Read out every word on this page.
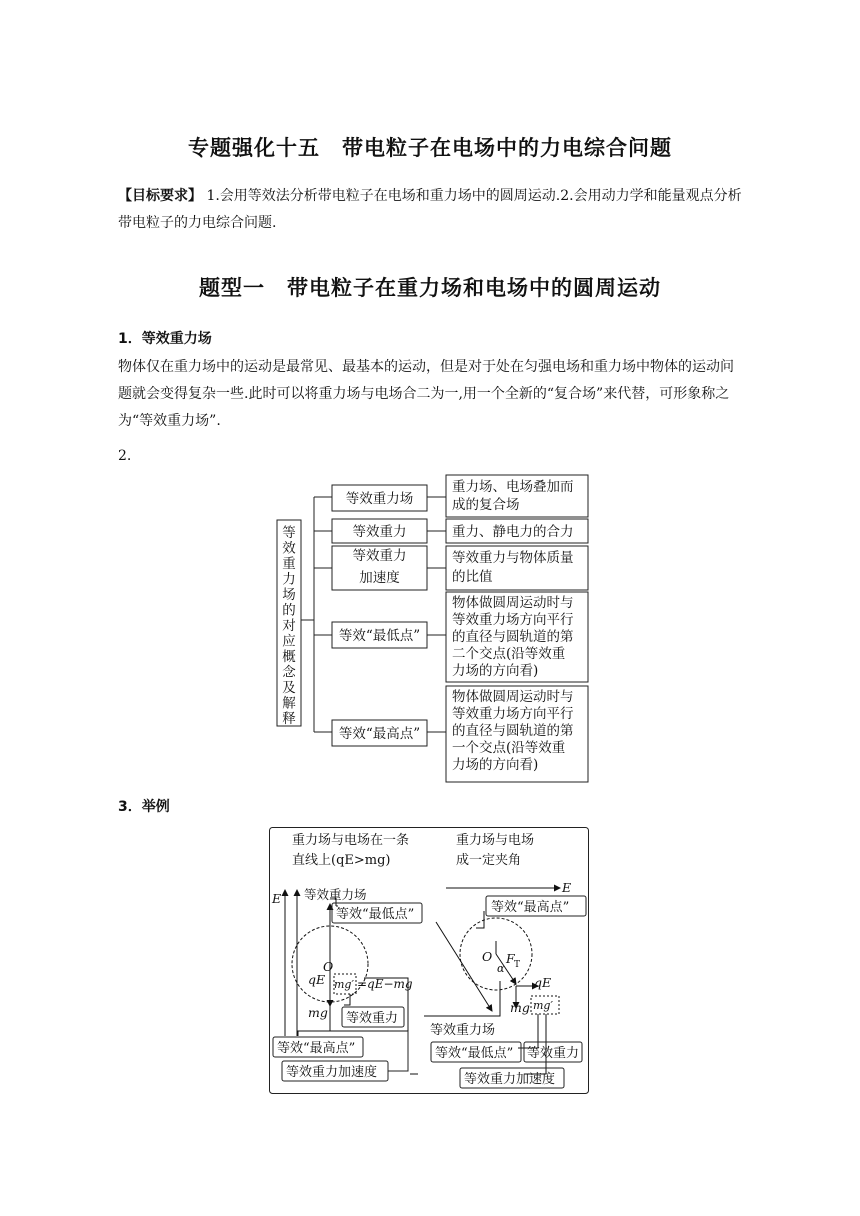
专题强化十五　带电粒子在电场中的力电综合问题
【目标要求】 1.会用等效法分析带电粒子在电场和重力场中的圆周运动.2.会用动力学和能量观点分析带电粒子的力电综合问题.
题型一　带电粒子在重力场和电场中的圆周运动
1．等效重力场
物体仅在重力场中的运动是最常见、最基本的运动，但是对于处在匀强电场和重力场中物体的运动问题就会变得复杂一些.此时可以将重力场与电场合二为一,用一个全新的“复合场”来代替，可形象称之为“等效重力场”.
2.
等
效
重
力
场
的
对
应
概
念
及
解
释
等效重力场
重力场、电场叠加而
成的复合场
等效重力	重力、静电力的合力
等效重力
加速度
等效重力与物体质量
的比值
等效“最低点”
物体做圆周运动时与
等效重力场方向平行
的直径与圆轨道的第
二个交点(沿等效重
力场的方向看)
等效“最高点”
物体做圆周运动时与
等效重力场方向平行
的直径与圆轨道的第
一个交点(沿等效重
力场的方向看)
3．举例
重力场与电场在一条
直线上(qE>mg)
重力场与电场
成一定夹角
E 等效重力场
O
qE
mg
mg′ =qE−mg
等效“最低点”
等效重力
等效“最高点”
等效重力加速度
E
O F T
α
qE
mg mg′
等效重力场
等效“最高点”
等效“最低点” 等效重力
等效重力加速度
